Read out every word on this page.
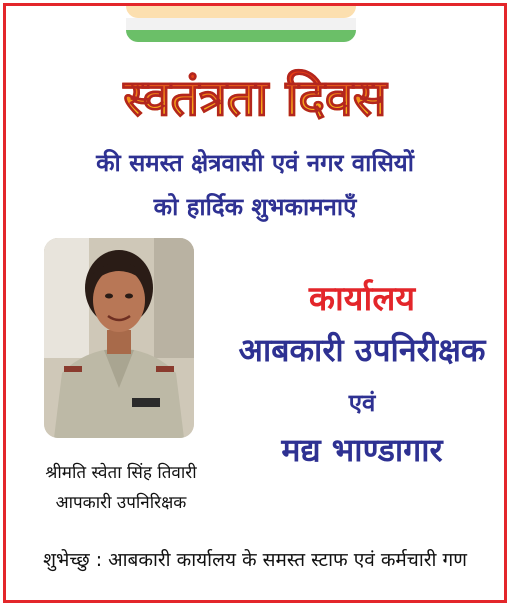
स्वतंत्रता दिवस
की समस्त क्षेत्रवासी एवं नगर वासियों
को हार्दिक शुभकामनाएँ
कार्यालय
आबकारी उपनिरीक्षक
एवं
मद्य भाण्डागार
श्रीमति स्वेता सिंह तिवारी
आपकारी उपनिरिक्षक
शुभेच्छु : आबकारी कार्यालय के समस्त स्टाफ एवं कर्मचारी गण
